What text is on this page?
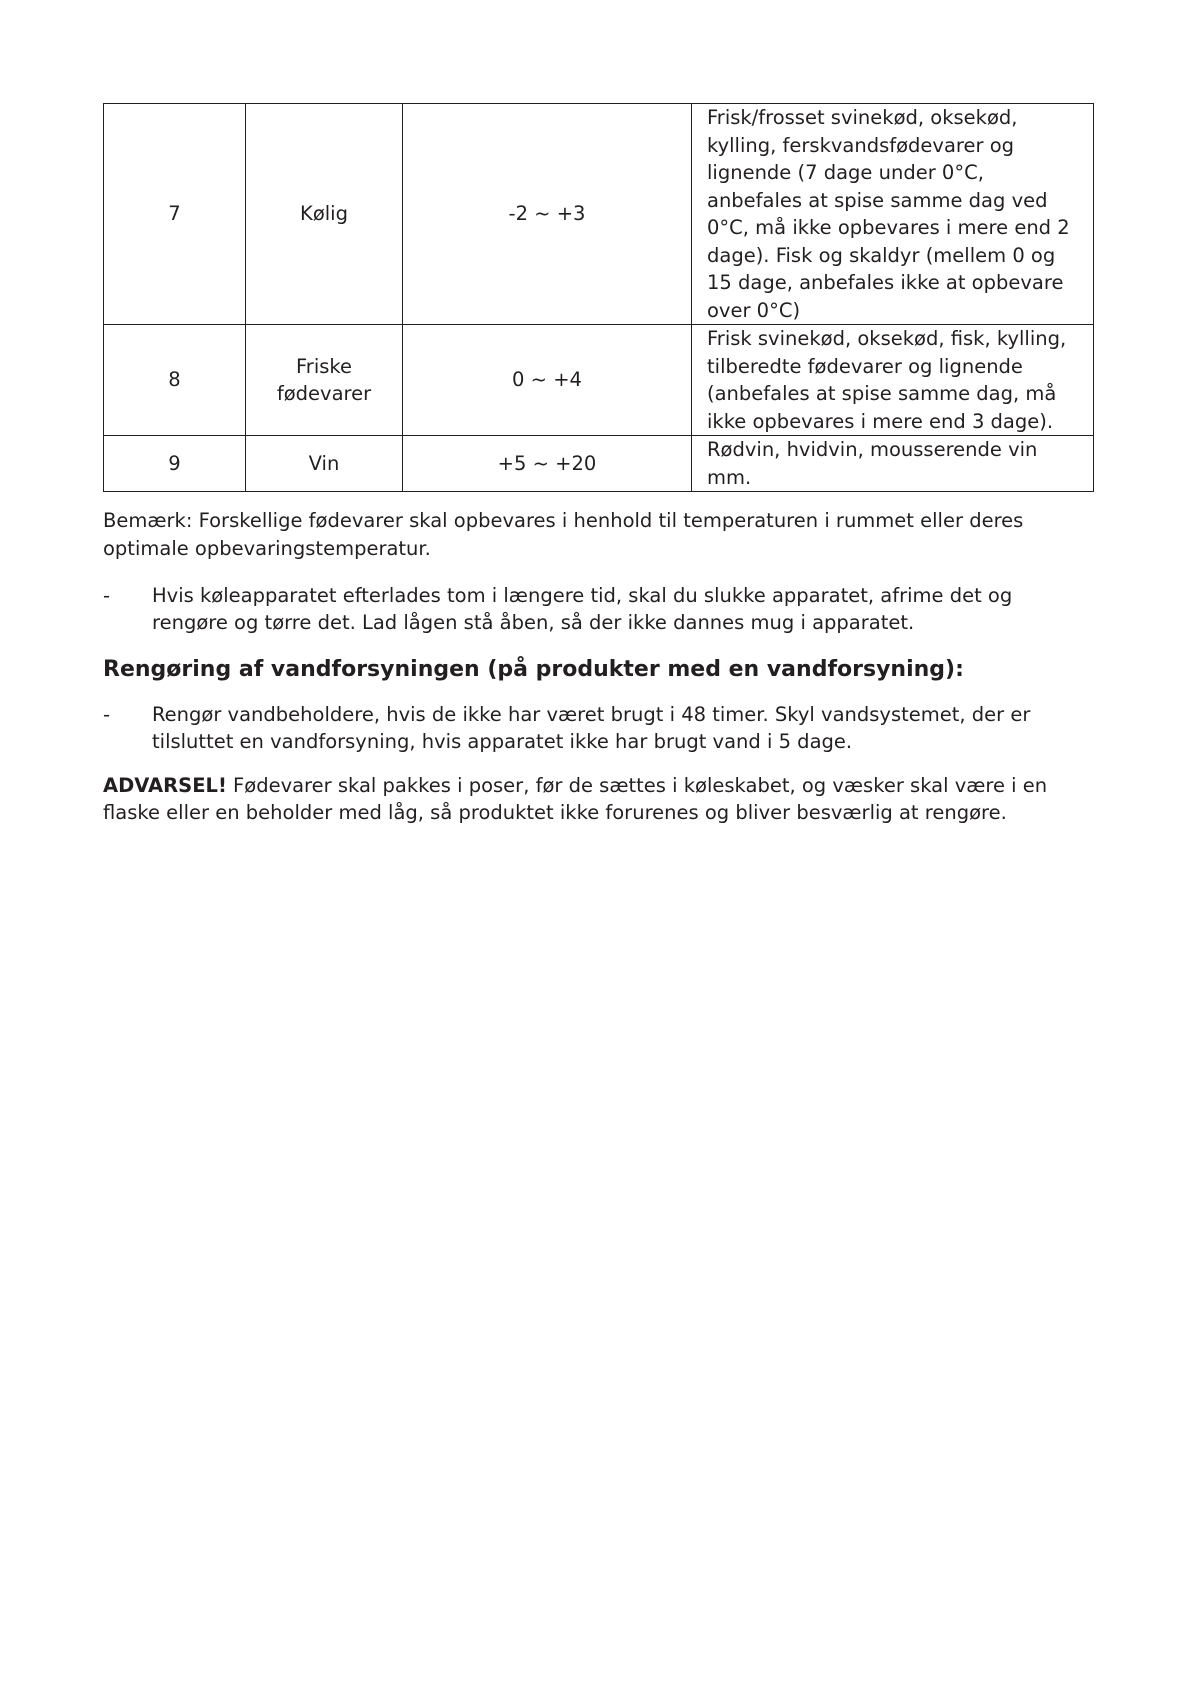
7	Kølig	-2 ~ +3	Frisk/frosset svinekød, oksekød, kylling, ferskvandsfødevarer og lignende (7 dage under 0°C, anbefales at spise samme dag ved 0°C, må ikke opbevares i mere end 2 dage). Fisk og skaldyr (mellem 0 og 15 dage, anbefales ikke at opbevare over 0°C)
8	Friske fødevarer	0 ~ +4	Frisk svinekød, oksekød, fisk, kylling, tilberedte fødevarer og lignende (anbefales at spise samme dag, må ikke opbevares i mere end 3 dage).
9	Vin	+5 ~ +20	Rødvin, hvidvin, mousserende vin mm.

Bemærk: Forskellige fødevarer skal opbevares i henhold til temperaturen i rummet eller deres optimale opbevaringstemperatur.

- Hvis køleapparatet efterlades tom i længere tid, skal du slukke apparatet, afrime det og rengøre og tørre det. Lad lågen stå åben, så der ikke dannes mug i apparatet.
Rengøring af vandforsyningen (på produkter med en vandforsyning):
- Rengør vandbeholdere, hvis de ikke har været brugt i 48 timer. Skyl vandsystemet, der er tilsluttet en vandforsyning, hvis apparatet ikke har brugt vand i 5 dage.

ADVARSEL! Fødevarer skal pakkes i poser, før de sættes i køleskabet, og væsker skal være i en flaske eller en beholder med låg, så produktet ikke forurenes og bliver besværlig at rengøre.
